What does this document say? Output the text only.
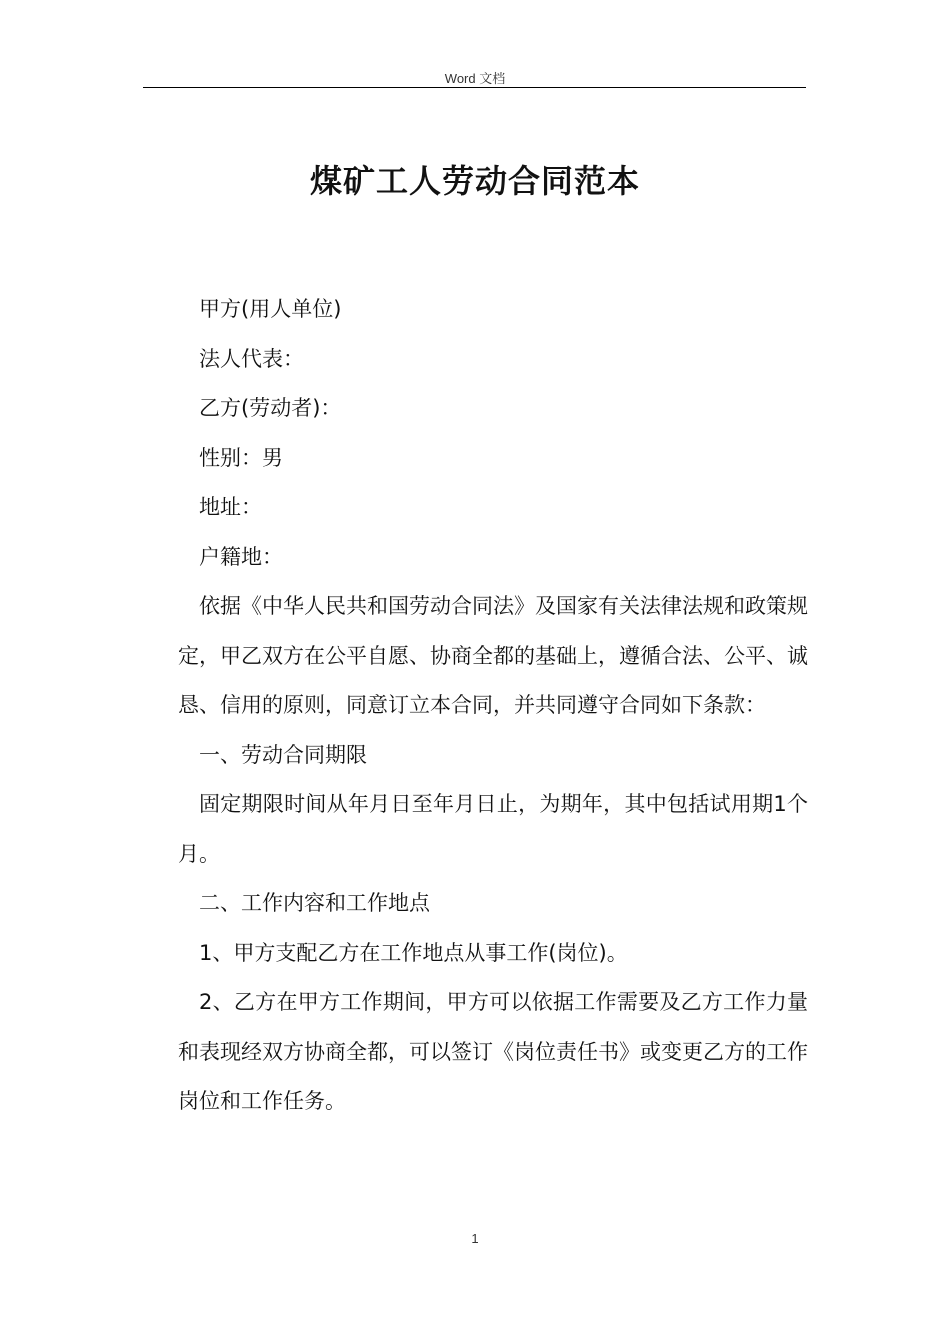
Word 文档
煤矿工人劳动合同范本

甲方(用人单位)

法人代表：

乙方(劳动者)：

性别：男

地址：

户籍地：

依据《中华人民共和国劳动合同法》及国家有关法律法规和政策规定，甲乙双方在公平自愿、协商全都的基础上，遵循合法、公平、诚恳、信用的原则，同意订立本合同，并共同遵守合同如下条款：

一、劳动合同期限

固定期限时间从年月日至年月日止，为期年，其中包括试用期1个月。

二、工作内容和工作地点

1、甲方支配乙方在工作地点从事工作(岗位)。

2、乙方在甲方工作期间，甲方可以依据工作需要及乙方工作力量和表现经双方协商全都，可以签订《岗位责任书》或变更乙方的工作岗位和工作任务。

1
